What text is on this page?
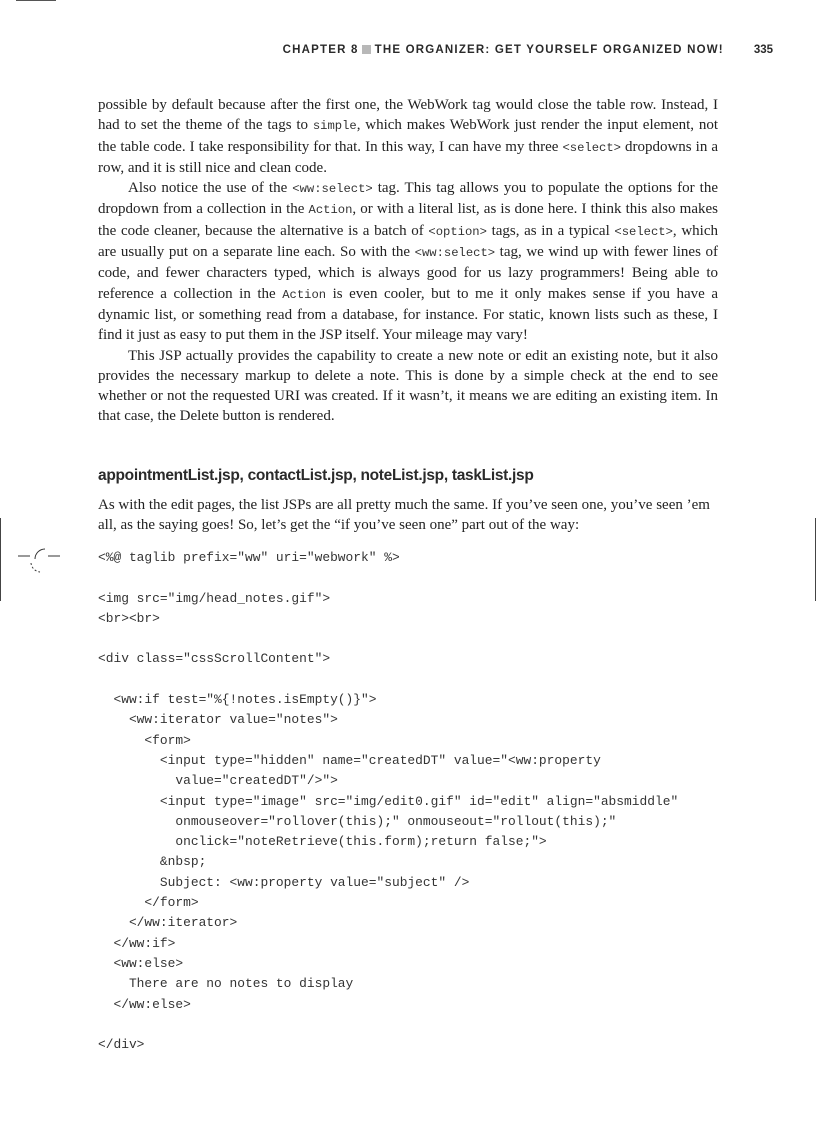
CHAPTER 8 THE ORGANIZER: GET YOURSELF ORGANIZED NOW!	335

possible by default because after the first one, the WebWork tag would close the table row. Instead, I had to set the theme of the tags to simple, which makes WebWork just render the input element, not the table code. I take responsibility for that. In this way, I can have my three <select> dropdowns in a row, and it is still nice and clean code.

Also notice the use of the <ww:select> tag. This tag allows you to populate the options for the dropdown from a collection in the Action, or with a literal list, as is done here. I think this also makes the code cleaner, because the alternative is a batch of <option> tags, as in a typical <select>, which are usually put on a separate line each. So with the <ww:select> tag, we wind up with fewer lines of code, and fewer characters typed, which is always good for us lazy programmers! Being able to reference a collection in the Action is even cooler, but to me it only makes sense if you have a dynamic list, or something read from a database, for instance. For static, known lists such as these, I find it just as easy to put them in the JSP itself. Your mileage may vary!

This JSP actually provides the capability to create a new note or edit an existing note, but it also provides the necessary markup to delete a note. This is done by a simple check at the end to see whether or not the requested URI was created. If it wasn’t, it means we are editing an existing item. In that case, the Delete button is rendered.

appointmentList.jsp, contactList.jsp, noteList.jsp, taskList.jsp

As with the edit pages, the list JSPs are all pretty much the same. If you’ve seen one, you’ve seen ’em all, as the saying goes! So, let’s get the “if you’ve seen one” part out of the way:

<%@ taglib prefix="ww" uri="webwork" %>

<img src="img/head_notes.gif">
<br><br>

<div class="cssScrollContent">

<ww:if test="%{!notes.isEmpty()}">
<ww:iterator value="notes">
<form>
<input type="hidden" name="createdDT" value="<ww:property
value="createdDT"/>">
<input type="image" src="img/edit0.gif" id="edit" align="absmiddle"
onmouseover="rollover(this);" onmouseout="rollout(this);"
onclick="noteRetrieve(this.form);return false;">
&nbsp;
Subject: <ww:property value="subject" />
</form>
</ww:iterator>
</ww:if>
<ww:else>
There are no notes to display
</ww:else>

</div>
